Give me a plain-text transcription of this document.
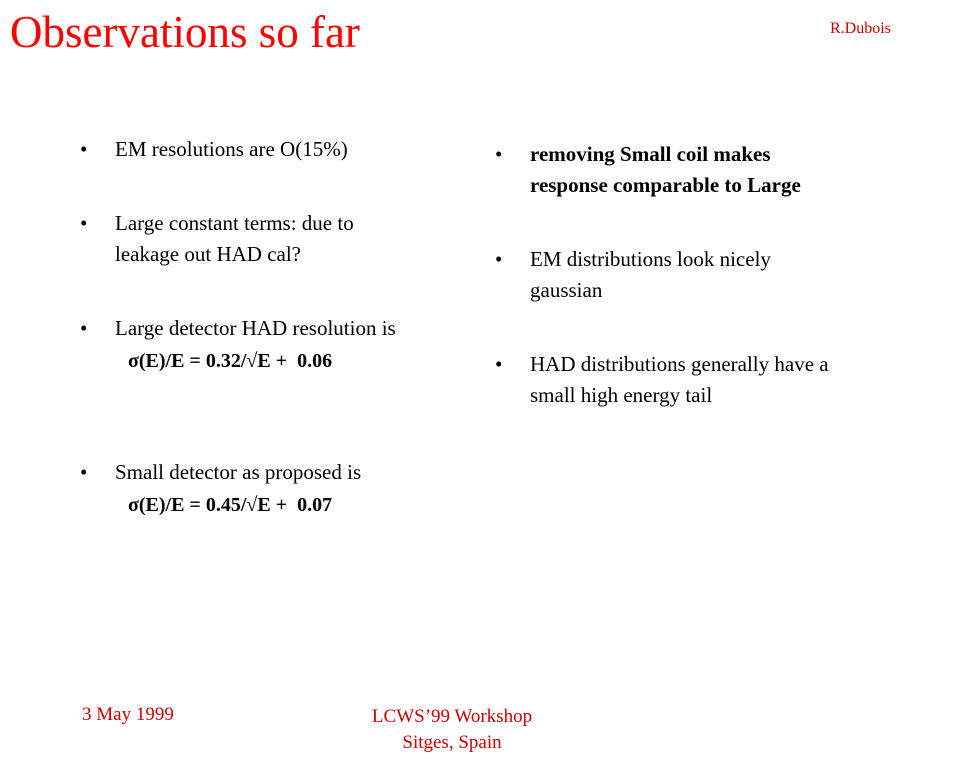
Observations so far	R.Dubois
•	EM resolutions are O(15%)
•	Large constant terms: due to
leakage out HAD cal?
•	Large detector HAD resolution is
σ(E)/E = 0.32/√E +  0.06
•	Small detector as proposed is
σ(E)/E = 0.45/√E +  0.07
•	removing Small coil makes
response comparable to Large
•	EM distributions look nicely
gaussian
•	HAD distributions generally have a
small high energy tail
3 May 1999	LCWS’99 Workshop
Sitges, Spain
